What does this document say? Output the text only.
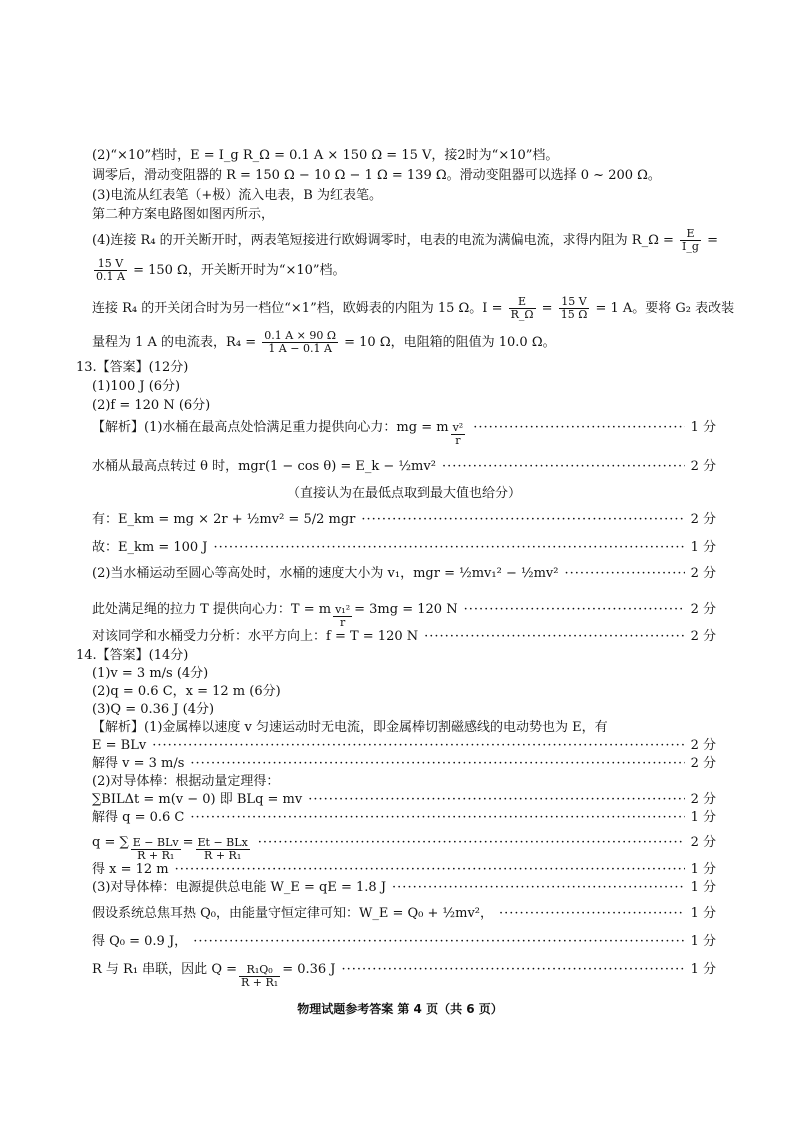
(2)“×10”档时，E = I_g R_Ω = 0.1 A × 150 Ω = 15 V，接2时为“×10”档。
调零后，滑动变阻器的 R = 150 Ω − 10 Ω − 1 Ω = 139 Ω。滑动变阻器可以选择 0 ~ 200 Ω。
(3)电流从红表笔（+极）流入电表，B 为红表笔。
第二种方案电路图如图丙所示，
(4)连接 R₄ 的开关断开时，两表笔短接进行欧姆调零时，电表的电流为满偏电流，求得内阻为 R_Ω = $\frac{E}{I\_g}$ =
$\frac{15 V}{0.1 A} = 150$ Ω，开关断开时为“×10”档。
连接 R₄ 的开关闭合时为另一档位“×1”档，欧姆表的内阻为 15 Ω。$I = \frac{E}{R\_\Omega} = \frac{15 V}{15 \Omega} = 1$ A。要将 G₂ 表改装
量程为 1 A 的电流表，$R_4 = \frac{0.1 A \times 90 \Omega}{1 A - 0.1 A} = 10$ Ω，电阻箱的阻值为 10.0 Ω。
13.【答案】(12分)
(1)100 J (6分)
(2)f = 120 N (6分)
【解析】(1)水桶在最高点处恰满足重力提供向心力：mg = m $\frac{\text{v²}}{r}$ ·····	1 分
水桶从最高点转过 θ 时，mgr(1 − cos θ) = E_k − ½mv² ·····	2 分
（直接认为在最低点取到最大值也给分）
有：E_km = mg × 2r + ½mv² = 5/2 mgr ·····	2 分
故：E_km = 100 J ·····	1 分
(2)当水桶运动至圆心等高处时，水桶的速度大小为 v₁，mgr = ½mv₁² − ½mv² ·····	2 分
此处满足绳的拉力 T 提供向心力：T = m $\frac{\text{v₁²}}{r} = 3mg = 120$ N ·····	2 分
对该同学和水桶受力分析：水平方向上：f = T = 120 N ·····	2 分
14.【答案】(14分)
(1)v = 3 m/s (4分)
(2)q = 0.6 C，x = 12 m (6分)
(3)Q = 0.36 J (4分)
【解析】(1)金属棒以速度 v 匀速运动时无电流，即金属棒切割磁感线的电动势也为 E，有
E = BLv ·····	2 分
解得 v = 3 m/s ·····	2 分
(2)对导体棒：根据动量定理得：
∑BILΔt = m(v − 0) 即 BLq = mv ·····	2 分
解得 q = 0.6 C ·····	1 分
q = ∑ $\frac{\text{E − BLv}}{\text{R + R₁}} = \frac{\text{Et − BLx}}{\text{R + R₁}}$ ·····	2 分
得 x = 12 m ·····	1 分
(3)对导体棒：电源提供总电能 W_E = qE = 1.8 J ·····	1 分
假设系统总焦耳热 Q₀，由能量守恒定律可知：W_E = Q₀ + ½mv²， ·····	1 分
得 Q₀ = 0.9 J， ·····	1 分
R 与 R₁ 串联，因此 $Q = \frac{\text{R₁Q₀}}{\text{R + R₁}} = 0.36$ J ·····	1 分
物理试题参考答案 第 4 页（共 6 页）
